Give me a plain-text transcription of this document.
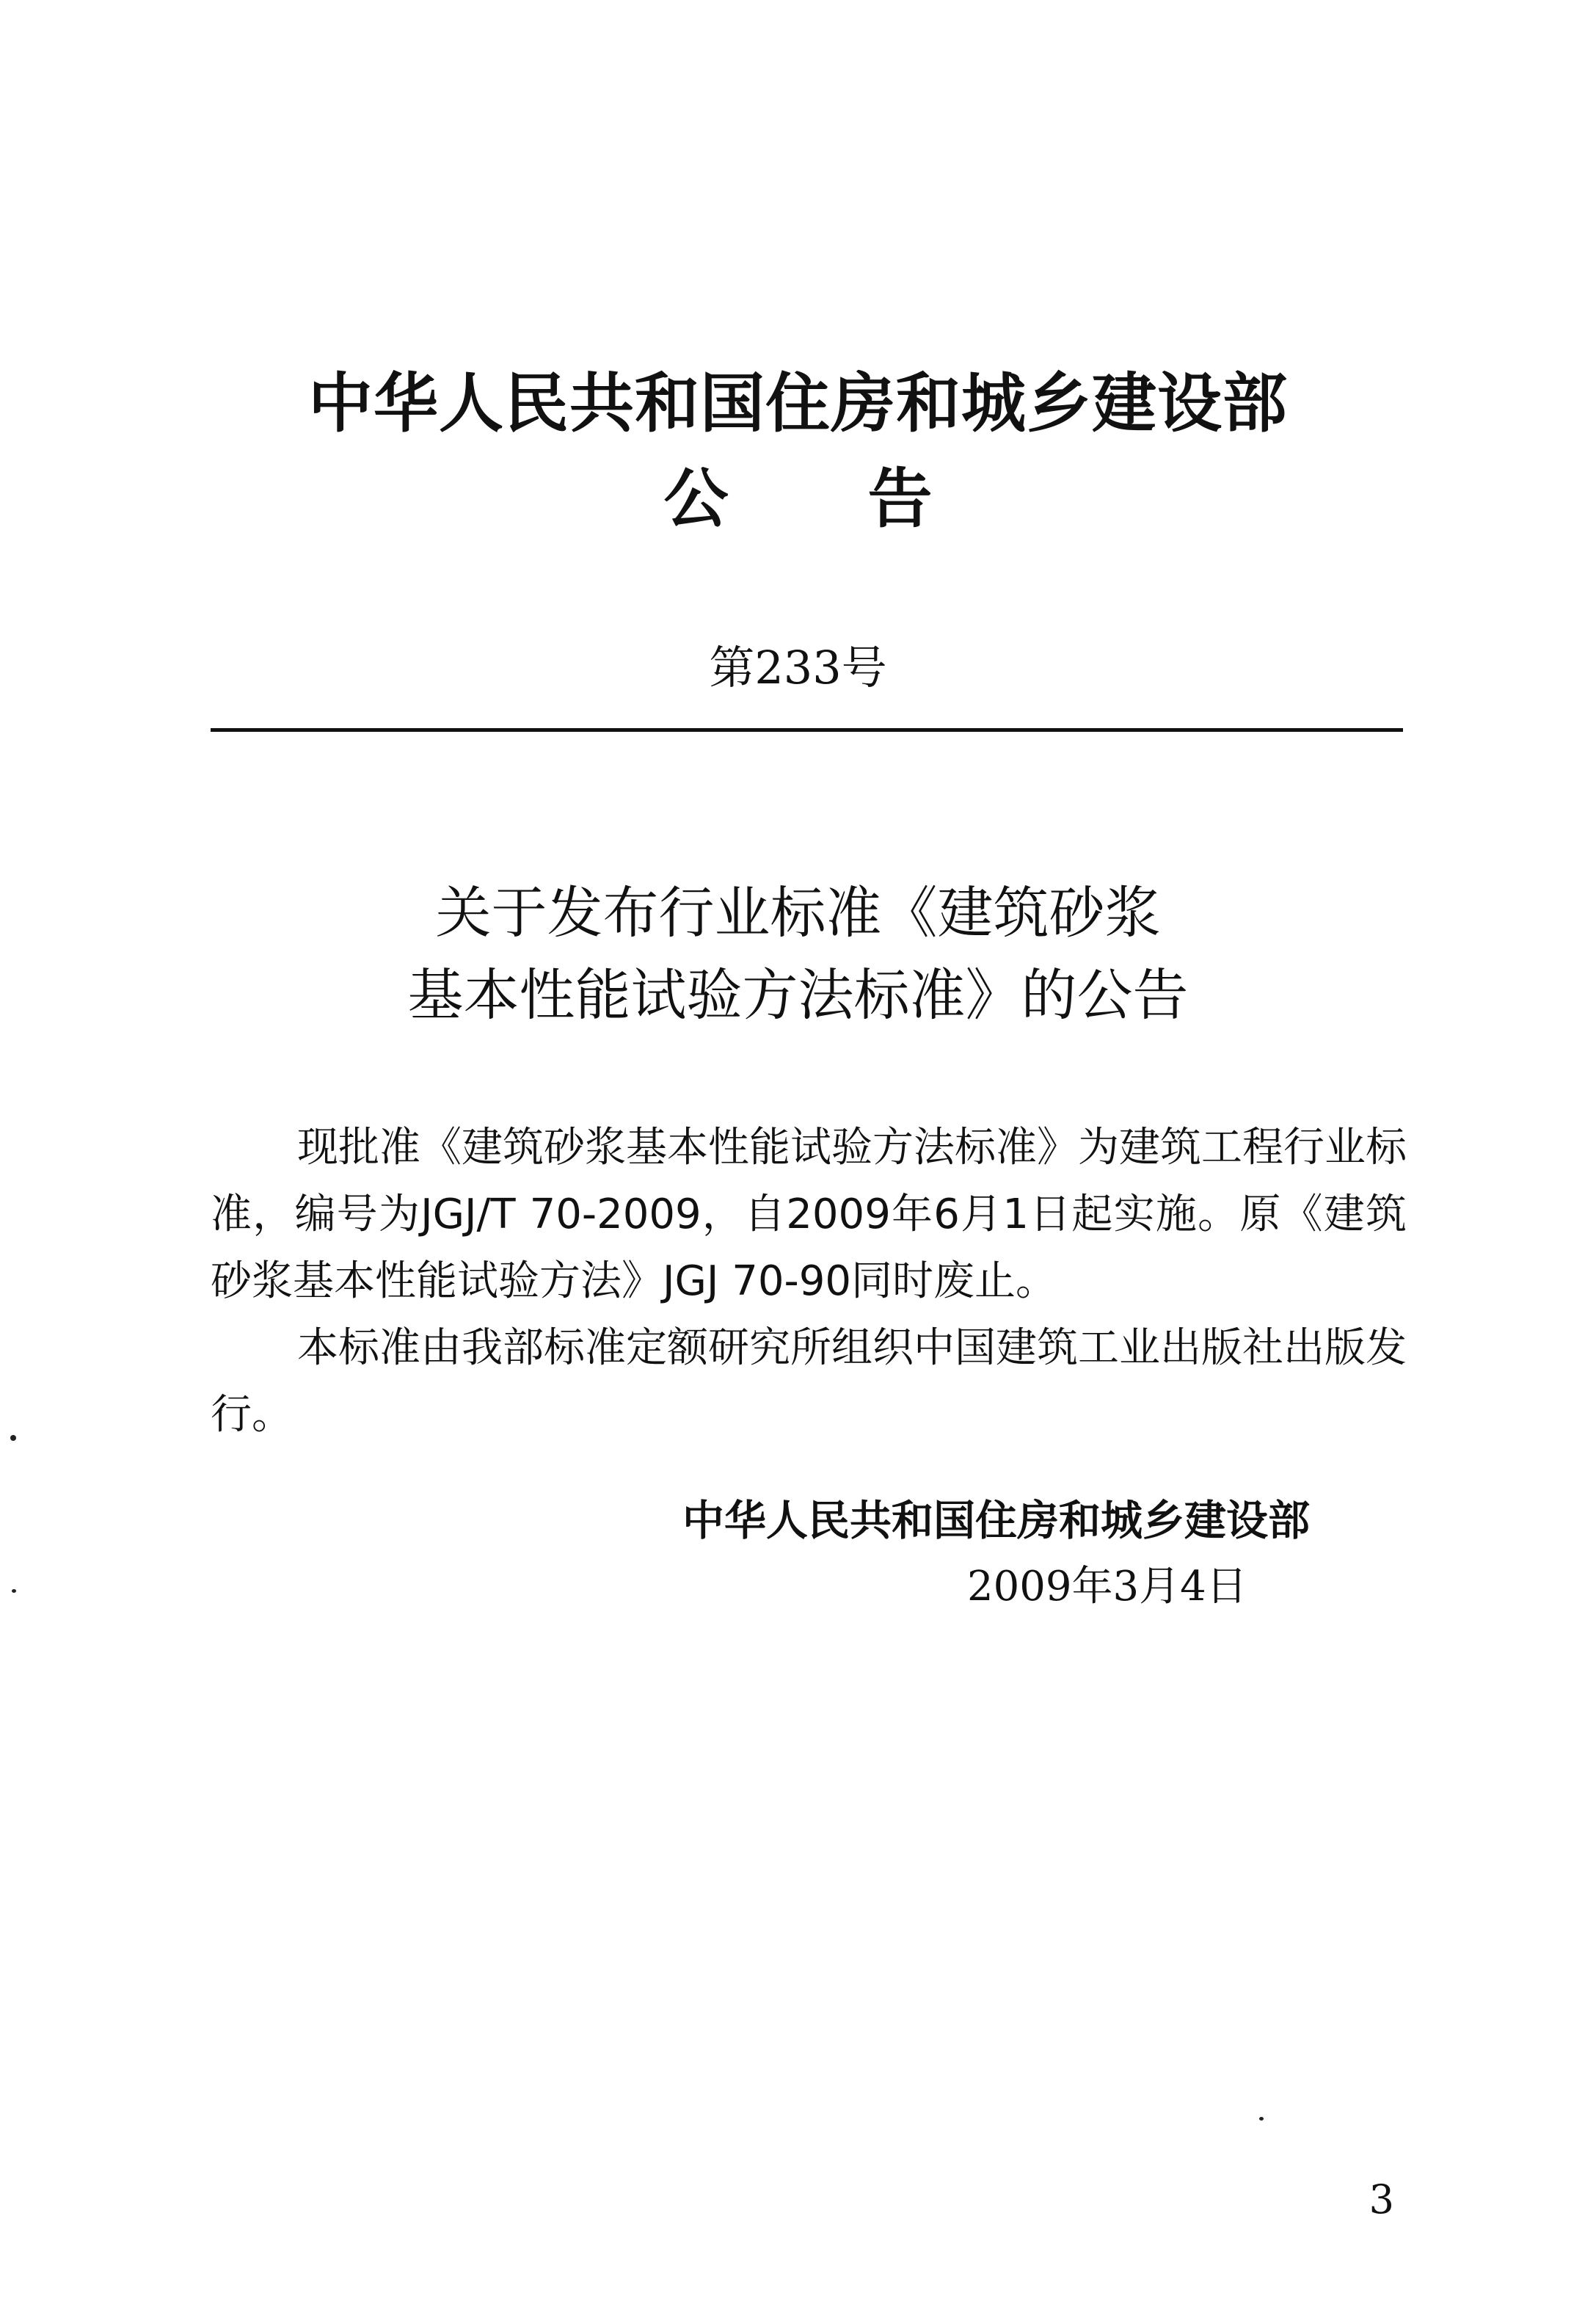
中华人民共和国住房和城乡建设部
公告
第233号
关于发布行业标准《建筑砂浆
基本性能试验方法标准》的公告

现批准《建筑砂浆基本性能试验方法标准》为建筑工程行业标准，编号为JGJ/T 70-2009，自2009年6月1日起实施。原《建筑砂浆基本性能试验方法》JGJ 70-90同时废止。

本标准由我部标准定额研究所组织中国建筑工业出版社出版发行。

中华人民共和国住房和城乡建设部
2009年3月4日
3
